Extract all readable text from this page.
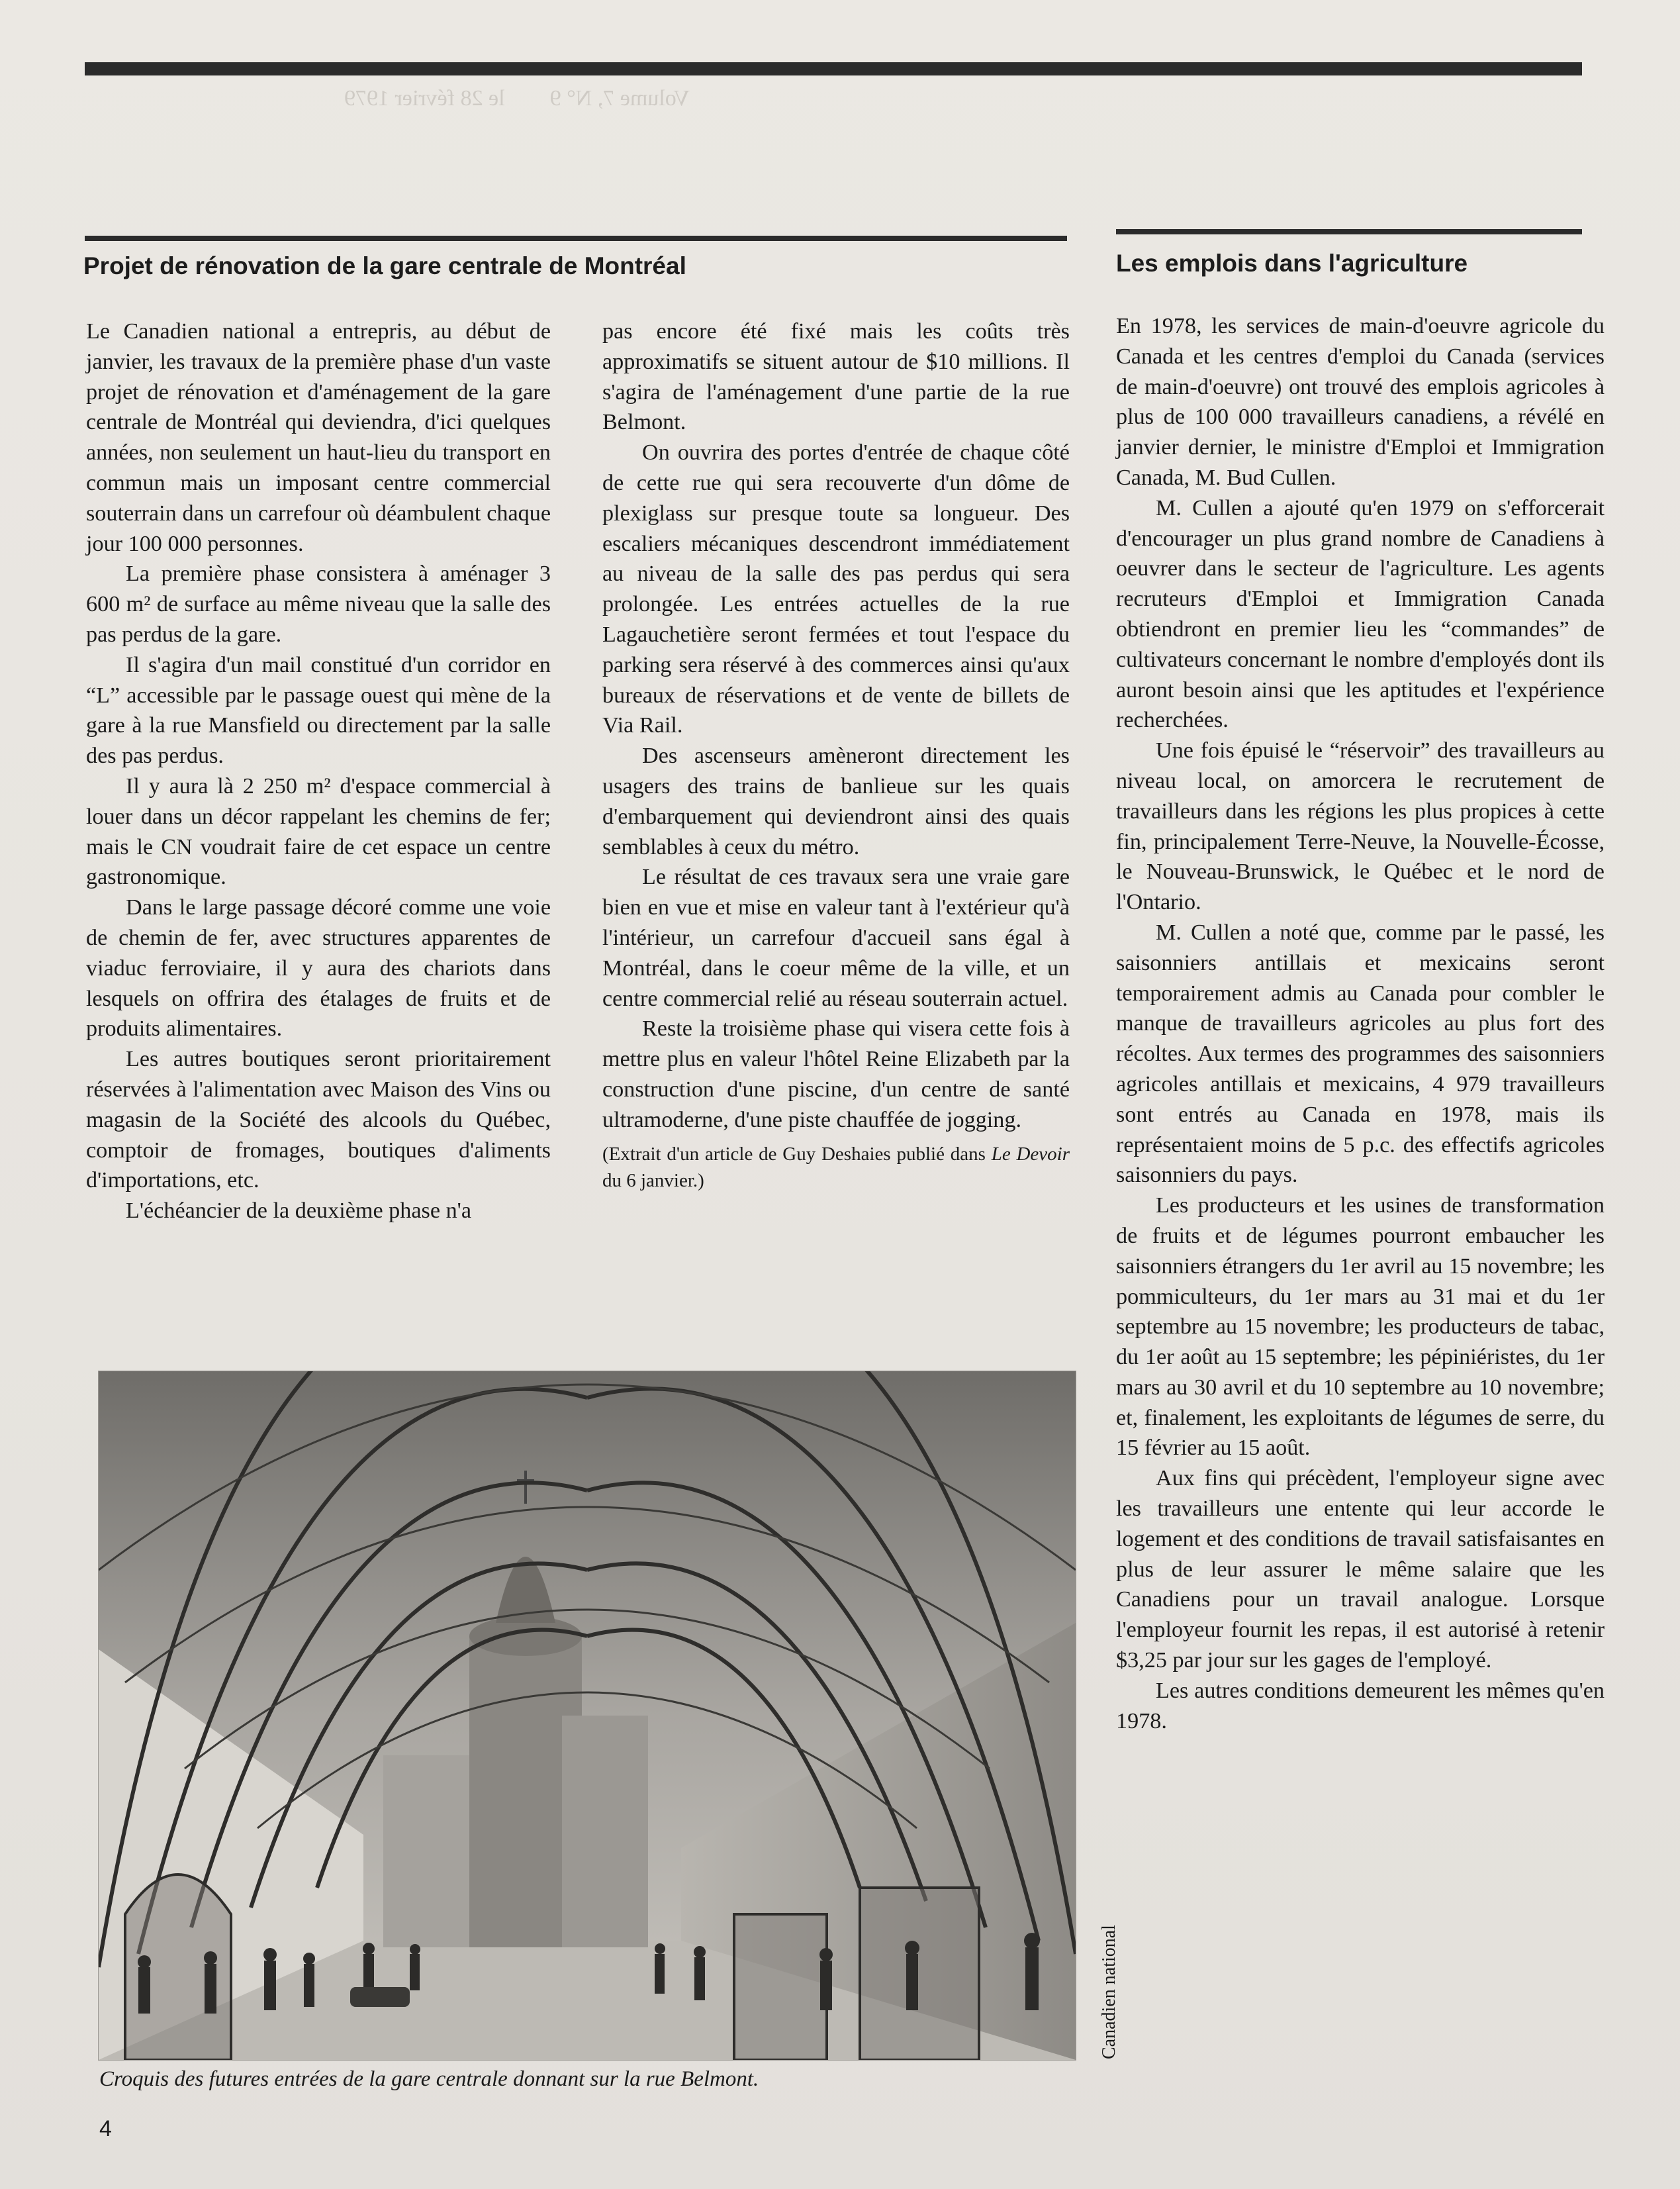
Volume 7, N° 9        le 28 février 1979
Projet de rénovation de la gare centrale de Montréal	Les emplois dans l'agriculture

Le Canadien national a entrepris, au début de janvier, les travaux de la première phase d'un vaste projet de rénovation et d'aménagement de la gare centrale de Montréal qui deviendra, d'ici quelques années, non seulement un haut-lieu du transport en commun mais un imposant centre commercial souterrain dans un carrefour où déambulent chaque jour 100 000 personnes.

La première phase consistera à aménager 3 600 m² de surface au même niveau que la salle des pas perdus de la gare.

Il s'agira d'un mail constitué d'un corridor en “L” accessible par le passage ouest qui mène de la gare à la rue Mansfield ou directement par la salle des pas perdus.

Il y aura là 2 250 m² d'espace commercial à louer dans un décor rappelant les chemins de fer; mais le CN voudrait faire de cet espace un centre gastronomique.

Dans le large passage décoré comme une voie de chemin de fer, avec structures apparentes de viaduc ferroviaire, il y aura des chariots dans lesquels on offrira des étalages de fruits et de produits alimentaires.

Les autres boutiques seront prioritairement réservées à l'alimentation avec Maison des Vins ou magasin de la Société des alcools du Québec, comptoir de fromages, boutiques d'aliments d'importations, etc.

L'échéancier de la deuxième phase n'a

pas encore été fixé mais les coûts très approximatifs se situent autour de $10 millions. Il s'agira de l'aménagement d'une partie de la rue Belmont.

On ouvrira des portes d'entrée de chaque côté de cette rue qui sera recouverte d'un dôme de plexiglass sur presque toute sa longueur. Des escaliers mécaniques descendront immédiatement au niveau de la salle des pas perdus qui sera prolongée. Les entrées actuelles de la rue Lagauchetière seront fermées et tout l'espace du parking sera réservé à des commerces ainsi qu'aux bureaux de réservations et de vente de billets de Via Rail.

Des ascenseurs amèneront directement les usagers des trains de banlieue sur les quais d'embarquement qui deviendront ainsi des quais semblables à ceux du métro.

Le résultat de ces travaux sera une vraie gare bien en vue et mise en valeur tant à l'extérieur qu'à l'intérieur, un carrefour d'accueil sans égal à Montréal, dans le coeur même de la ville, et un centre commercial relié au réseau souterrain actuel.

Reste la troisième phase qui visera cette fois à mettre plus en valeur l'hôtel Reine Elizabeth par la construction d'une piscine, d'un centre de santé ultramoderne, d'une piste chauffée de jogging.

(Extrait d'un article de Guy Deshaies publié dans Le Devoir du 6 janvier.)

En 1978, les services de main-d'oeuvre agricole du Canada et les centres d'emploi du Canada (services de main-d'oeuvre) ont trouvé des emplois agricoles à plus de 100 000 travailleurs canadiens, a révélé en janvier dernier, le ministre d'Emploi et Immigration Canada, M. Bud Cullen.

M. Cullen a ajouté qu'en 1979 on s'efforcerait d'encourager un plus grand nombre de Canadiens à oeuvrer dans le secteur de l'agriculture. Les agents recruteurs d'Emploi et Immigration Canada obtiendront en premier lieu les “commandes” de cultivateurs concernant le nombre d'employés dont ils auront besoin ainsi que les aptitudes et l'expérience recherchées.

Une fois épuisé le “réservoir” des travailleurs au niveau local, on amorcera le recrutement de travailleurs dans les régions les plus propices à cette fin, principalement Terre-Neuve, la Nouvelle-Écosse, le Nouveau-Brunswick, le Québec et le nord de l'Ontario.

M. Cullen a noté que, comme par le passé, les saisonniers antillais et mexicains seront temporairement admis au Canada pour combler le manque de travailleurs agricoles au plus fort des récoltes. Aux termes des programmes des saisonniers agricoles antillais et mexicains, 4 979 travailleurs sont entrés au Canada en 1978, mais ils représentaient moins de 5 p.c. des effectifs agricoles saisonniers du pays.

Les producteurs et les usines de transformation de fruits et de légumes pourront embaucher les saisonniers étrangers du 1er avril au 15 novembre; les pommiculteurs, du 1er mars au 31 mai et du 1er septembre au 15 novembre; les producteurs de tabac, du 1er août au 15 septembre; les pépiniéristes, du 1er mars au 30 avril et du 10 septembre au 10 novembre; et, finalement, les exploitants de légumes de serre, du 15 février au 15 août.

Aux fins qui précèdent, l'employeur signe avec les travailleurs une entente qui leur accorde le logement et des conditions de travail satisfaisantes en plus de leur assurer le même salaire que les Canadiens pour un travail analogue. Lorsque l'employeur fournit les repas, il est autorisé à retenir $3,25 par jour sur les gages de l'employé.

Les autres conditions demeurent les mêmes qu'en 1978.

Canadien national
Croquis des futures entrées de la gare centrale donnant sur la rue Belmont.
4
